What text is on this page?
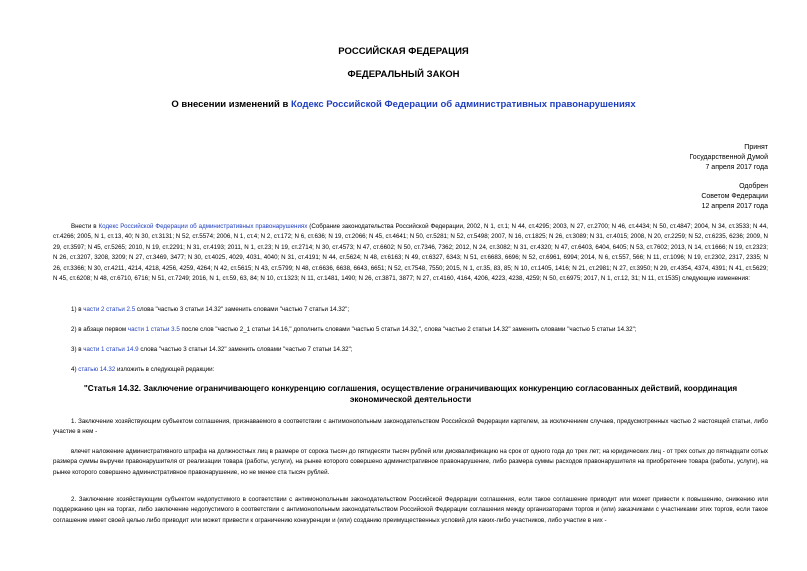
РОССИЙСКАЯ ФЕДЕРАЦИЯ
ФЕДЕРАЛЬНЫЙ ЗАКОН
О внесении изменений в Кодекс Российской Федерации об административных правонарушениях
Принят
Государственной Думой
7 апреля 2017 года
Одобрен
Советом Федерации
12 апреля 2017 года
Внести в Кодекс Российской Федерации об административных правонарушениях (Собрание законодательства Российской Федерации, 2002, N 1, ст.1; N 44, ст.4295; 2003, N 27, ст.2700; N 46, ст.4434; N 50, ст.4847; 2004, N 34, ст.3533; N 44, ст.4266; 2005, N 1, ст.13, 40; N 30, ст.3131; N 52, ст.5574; 2006, N 1, ст.4; N 2, ст.172; N 6, ст.636; N 19, ст.2066; N 45, ст.4641; N 50, ст.5281; N 52, ст.5498; 2007, N 16, ст.1825; N 26, ст.3089; N 31, ст.4015; 2008, N 20, ст.2259; N 52, ст.6235, 6236; 2009, N 29, ст.3597; N 45, ст.5265; 2010, N 19, ст.2291; N 31, ст.4193; 2011, N 1, ст.23; N 19, ст.2714; N 30, ст.4573; N 47, ст.6602; N 50, ст.7346, 7362; 2012, N 24, ст.3082; N 31, ст.4320; N 47, ст.6403, 6404, 6405; N 53, ст.7602; 2013, N 14, ст.1666; N 19, ст.2323; N 26, ст.3207, 3208, 3209; N 27, ст.3469, 3477; N 30, ст.4025, 4029, 4031, 4040; N 31, ст.4191; N 44, ст.5624; N 48, ст.6163; N 49, ст.6327, 6343; N 51, ст.6683, 6696; N 52, ст.6961, 6994; 2014, N 6, ст.557, 566; N 11, ст.1096; N 19, ст.2302, 2317, 2335; N 26, ст.3366; N 30, ст.4211, 4214, 4218, 4256, 4259, 4264; N 42, ст.5615; N 43, ст.5799; N 48, ст.6636, 6638, 6643, 6651; N 52, ст.7548, 7550; 2015, N 1, ст.35, 83, 85; N 10, ст.1405, 1416; N 21, ст.2981; N 27, ст.3950; N 29, ст.4354, 4374, 4391; N 41, ст.5629; N 45, ст.6208; N 48, ст.6710, 6716; N 51, ст.7249; 2016, N 1, ст.59, 63, 84; N 10, ст.1323; N 11, ст.1481, 1490; N 26, ст.3871, 3877; N 27, ст.4160, 4164, 4206, 4223, 4238, 4259; N 50, ст.6975; 2017, N 1, ст.12, 31; N 11, ст.1535) следующие изменения:
1) в части 2 статьи 2.5 слова "частью 3 статьи 14.32" заменить словами "частью 7 статьи 14.32";
2) в абзаце первом части 1 статьи 3.5 после слов "частью 2_1 статьи 14.16," дополнить словами "частью 5 статьи 14.32,", слова "частью 2 статьи 14.32" заменить словами "частью 5 статьи 14.32";
3) в части 1 статьи 14.9 слова "частью 3 статьи 14.32" заменить словами "частью 7 статьи 14.32";
4) статью 14.32 изложить в следующей редакции:
"Статья 14.32. Заключение ограничивающего конкуренцию соглашения, осуществление ограничивающих конкуренцию согласованных действий, координация экономической деятельности
1. Заключение хозяйствующим субъектом соглашения, признаваемого в соответствии с антимонопольным законодательством Российской Федерации картелем, за исключением случаев, предусмотренных частью 2 настоящей статьи, либо участие в нем -
влечет наложение административного штрафа на должностных лиц в размере от сорока тысяч до пятидесяти тысяч рублей или дисквалификацию на срок от одного года до трех лет; на юридических лиц - от трех сотых до пятнадцати сотых размера суммы выручки правонарушителя от реализации товара (работы, услуги), на рынке которого совершено административное правонарушение, либо размера суммы расходов правонарушителя на приобретение товара (работы, услуги), на рынке которого совершено административное правонарушение, но не менее ста тысяч рублей.
2. Заключение хозяйствующим субъектом недопустимого в соответствии с антимонопольным законодательством Российской Федерации соглашения, если такое соглашение приводит или может привести к повышению, снижению или поддержанию цен на торгах, либо заключение недопустимого в соответствии с антимонопольным законодательством Российской Федерации соглашения между организаторами торгов и (или) заказчиками с участниками этих торгов, если такое соглашение имеет своей целью либо приводит или может привести к ограничению конкуренции и (или) созданию преимущественных условий для каких-либо участников, либо участие в них -
